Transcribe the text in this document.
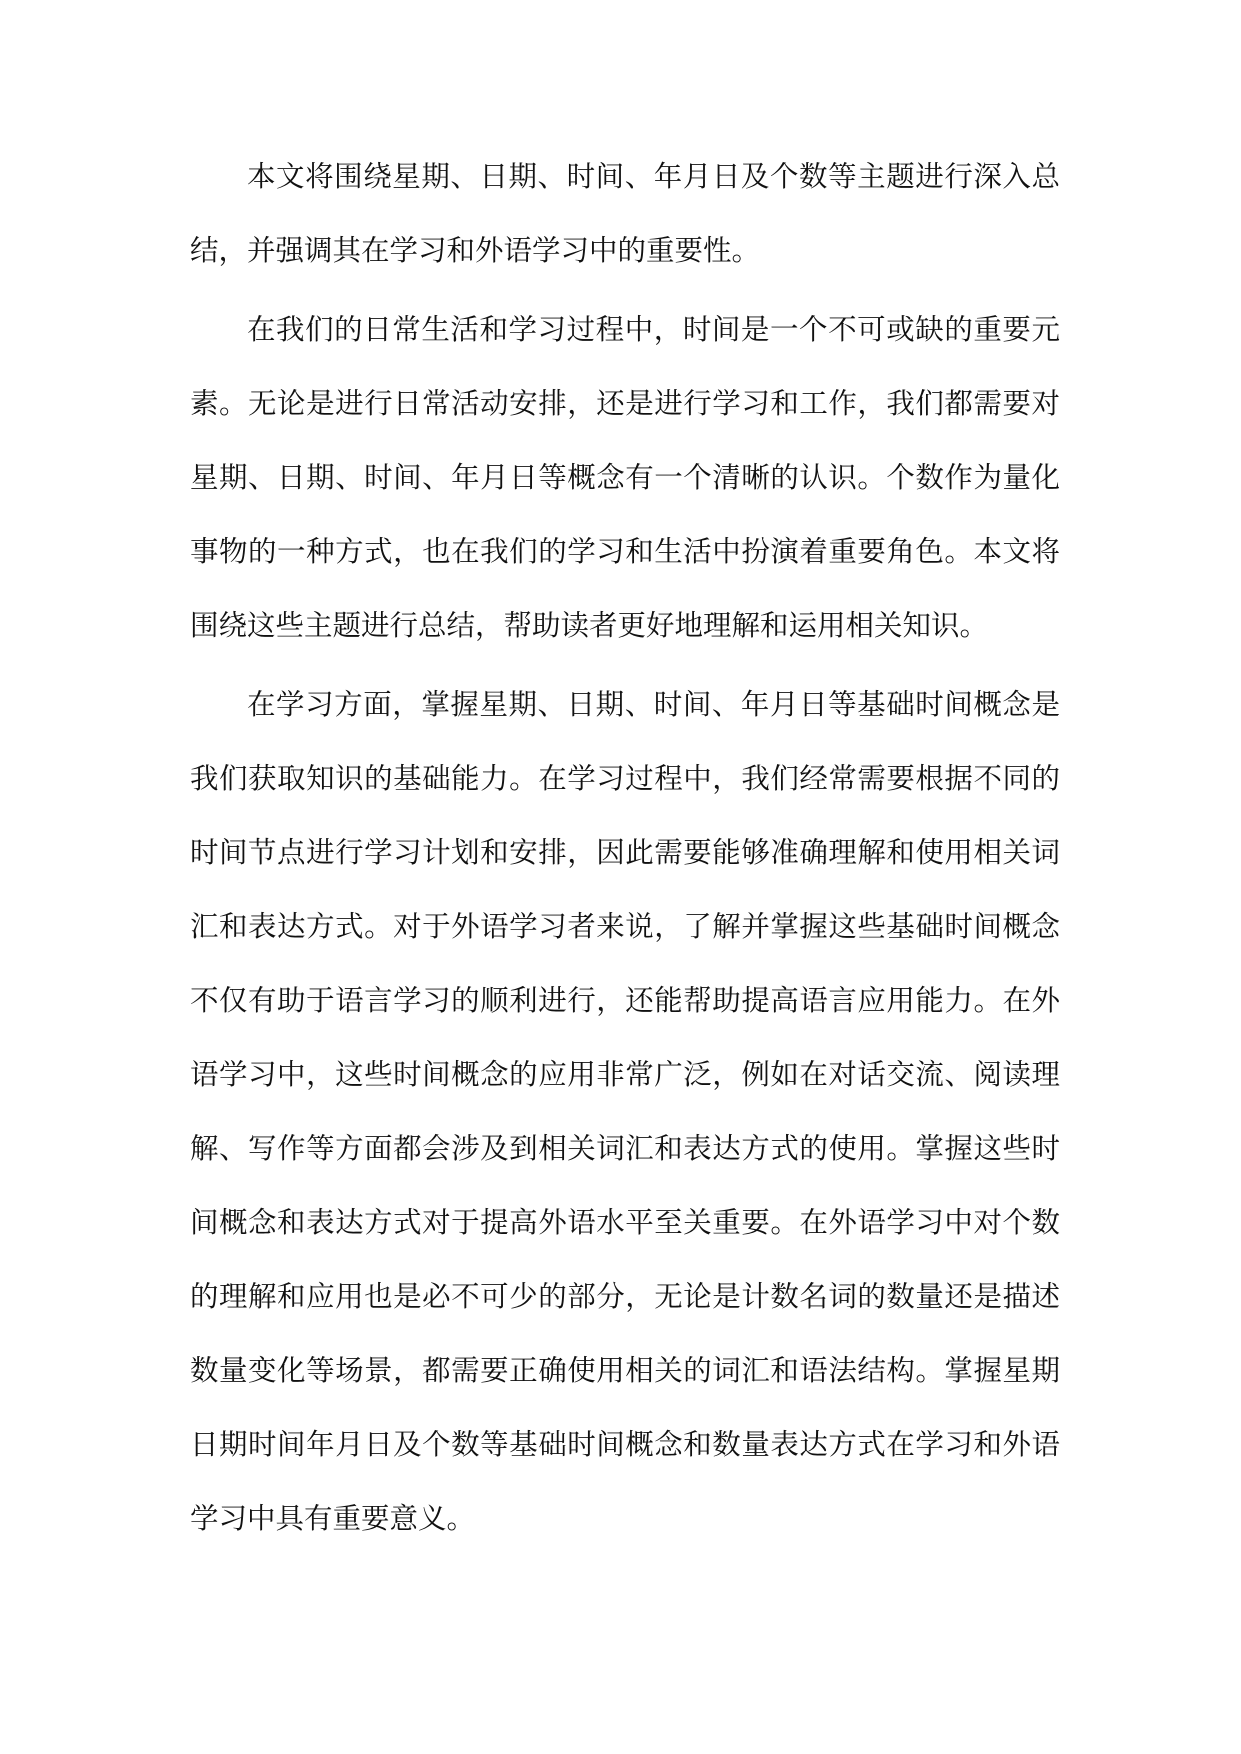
本文将围绕星期、日期、时间、年月日及个数等主题进行深入总结，并强调其在学习和外语学习中的重要性。

在我们的日常生活和学习过程中，时间是一个不可或缺的重要元素。无论是进行日常活动安排，还是进行学习和工作，我们都需要对星期、日期、时间、年月日等概念有一个清晰的认识。个数作为量化事物的一种方式，也在我们的学习和生活中扮演着重要角色。本文将围绕这些主题进行总结，帮助读者更好地理解和运用相关知识。

在学习方面，掌握星期、日期、时间、年月日等基础时间概念是我们获取知识的基础能力。在学习过程中，我们经常需要根据不同的时间节点进行学习计划和安排，因此需要能够准确理解和使用相关词汇和表达方式。对于外语学习者来说，了解并掌握这些基础时间概念不仅有助于语言学习的顺利进行，还能帮助提高语言应用能力。在外语学习中，这些时间概念的应用非常广泛，例如在对话交流、阅读理解、写作等方面都会涉及到相关词汇和表达方式的使用。掌握这些时间概念和表达方式对于提高外语水平至关重要。在外语学习中对个数的理解和应用也是必不可少的部分，无论是计数名词的数量还是描述数量变化等场景，都需要正确使用相关的词汇和语法结构。掌握星期日期时间年月日及个数等基础时间概念和数量表达方式在学习和外语学习中具有重要意义。
